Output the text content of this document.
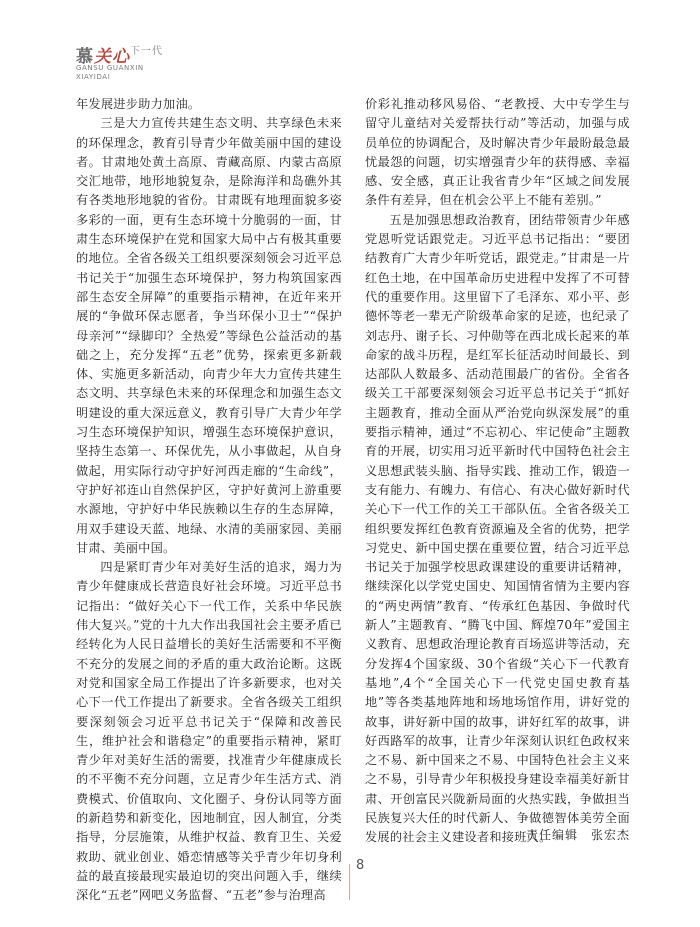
慕关心$^{下一代}$
GANSU GUANXIN
XIAYIDAI

年发展进步助力加油。

三是大力宣传共建生态文明、共享绿色未来的环保理念，教育引导青少年做美丽中国的建设者。甘肃地处黄土高原、青藏高原、内蒙古高原交汇地带，地形地貌复杂，是除海洋和岛礁外其有各类地形地貌的省份。甘肃既有地理面貌多姿多彩的一面，更有生态环境十分脆弱的一面，甘肃生态环境保护在党和国家大局中占有极其重要的地位。全省各级关工组织要深刻领会习近平总书记关于“加强生态环境保护，努力构筑国家西部生态安全屏障”的重要指示精神，在近年来开展的“争做环保志愿者，争当环保小卫士”“保护母亲河”“绿脚印？全热爱”等绿色公益活动的基础之上，充分发挥“五老”优势，探索更多新载体、实施更多新活动，向青少年大力宣传共建生态文明、共享绿色未来的环保理念和加强生态文明建设的重大深远意义，教育引导广大青少年学习生态环境保护知识，增强生态环境保护意识，坚持生态第一、环保优先，从小事做起，从自身做起，用实际行动守护好河西走廊的“生命线”，守护好祁连山自然保护区，守护好黄河上游重要水源地，守护好中华民族赖以生存的生态屏障，用双手建设天蓝、地绿、水清的美丽家园、美丽甘肃、美丽中国。

四是紧盯青少年对美好生活的追求，竭力为青少年健康成长营造良好社会环境。习近平总书记指出：“做好关心下一代工作，关系中华民族伟大复兴。”党的十九大作出我国社会主要矛盾已经转化为人民日益增长的美好生活需要和不平衡不充分的发展之间的矛盾的重大政治论断。这既对党和国家全局工作提出了许多新要求，也对关心下一代工作提出了新要求。全省各级关工组织要深刻领会习近平总书记关于“保障和改善民生，维护社会和谐稳定”的重要指示精神，紧盯青少年对美好生活的需要，找准青少年健康成长的不平衡不充分问题，立足青少年生活方式、消费模式、价值取向、文化圈子、身份认同等方面的新趋势和新变化，因地制宜，因人制宜，分类指导，分层施策，从维护权益、教育卫生、关爱救助、就业创业、婚恋情感等关乎青少年切身利益的最直接最现实最迫切的突出问题入手，继续深化“五老”网吧义务监督、“五老”参与治理高

价彩礼推动移风易俗、“老教授、大中专学生与留守儿童结对关爱帮扶行动”等活动，加强与成员单位的协调配合，及时解决青少年最盼最急最忧最怨的问题，切实增强青少年的获得感、幸福感、安全感，真正让我省青少年“区域之间发展条件有差异，但在机会公平上不能有差别。”

五是加强思想政治教育，团结带领青少年感党恩听党话跟党走。习近平总书记指出：“要团结教育广大青少年听党话，跟党走。”甘肃是一片红色土地，在中国革命历史进程中发挥了不可替代的重要作用。这里留下了毛泽东、邓小平、彭德怀等老一辈无产阶级革命家的足迹，也纪录了刘志丹、谢子长、习仲勋等在西北成长起来的革命家的战斗历程，是红军长征活动时间最长、到达部队人数最多、活动范围最广的省份。全省各级关工干部要深刻领会习近平总书记关于“抓好主题教育，推动全面从严治党向纵深发展”的重要指示精神，通过“不忘初心、牢记使命”主题教育的开展，切实用习近平新时代中国特色社会主义思想武装头脑、指导实践、推动工作，锻造一支有能力、有魄力、有信心、有决心做好新时代关心下一代工作的关工干部队伍。全省各级关工组织要发挥红色教育资源遍及全省的优势，把学习党史、新中国史摆在重要位置，结合习近平总书记关于加强学校思政课建设的重要讲话精神，继续深化以学党史国史、知国情省情为主要内容的“两史两情”教育、“传承红色基因、争做时代新人”主题教育、“腾飞中国、辉煌70年”爱国主义教育、思想政治理论教育百场巡讲等活动，充分发挥4个国家级、30个省级“关心下一代教育基地”,4个“全国关心下一代党史国史教育基地”等各类基地阵地和场地场馆作用，讲好党的故事，讲好新中国的故事，讲好红军的故事，讲好西路军的故事，让青少年深刻认识红色政权来之不易、新中国来之不易、中国特色社会主义来之不易，引导青少年积极投身建设幸福美好新甘肃、开创富民兴陇新局面的火热实践，争做担当民族复兴大任的时代新人、争做德智体美劳全面发展的社会主义建设者和接班人。

责任编辑　张宏杰
8
